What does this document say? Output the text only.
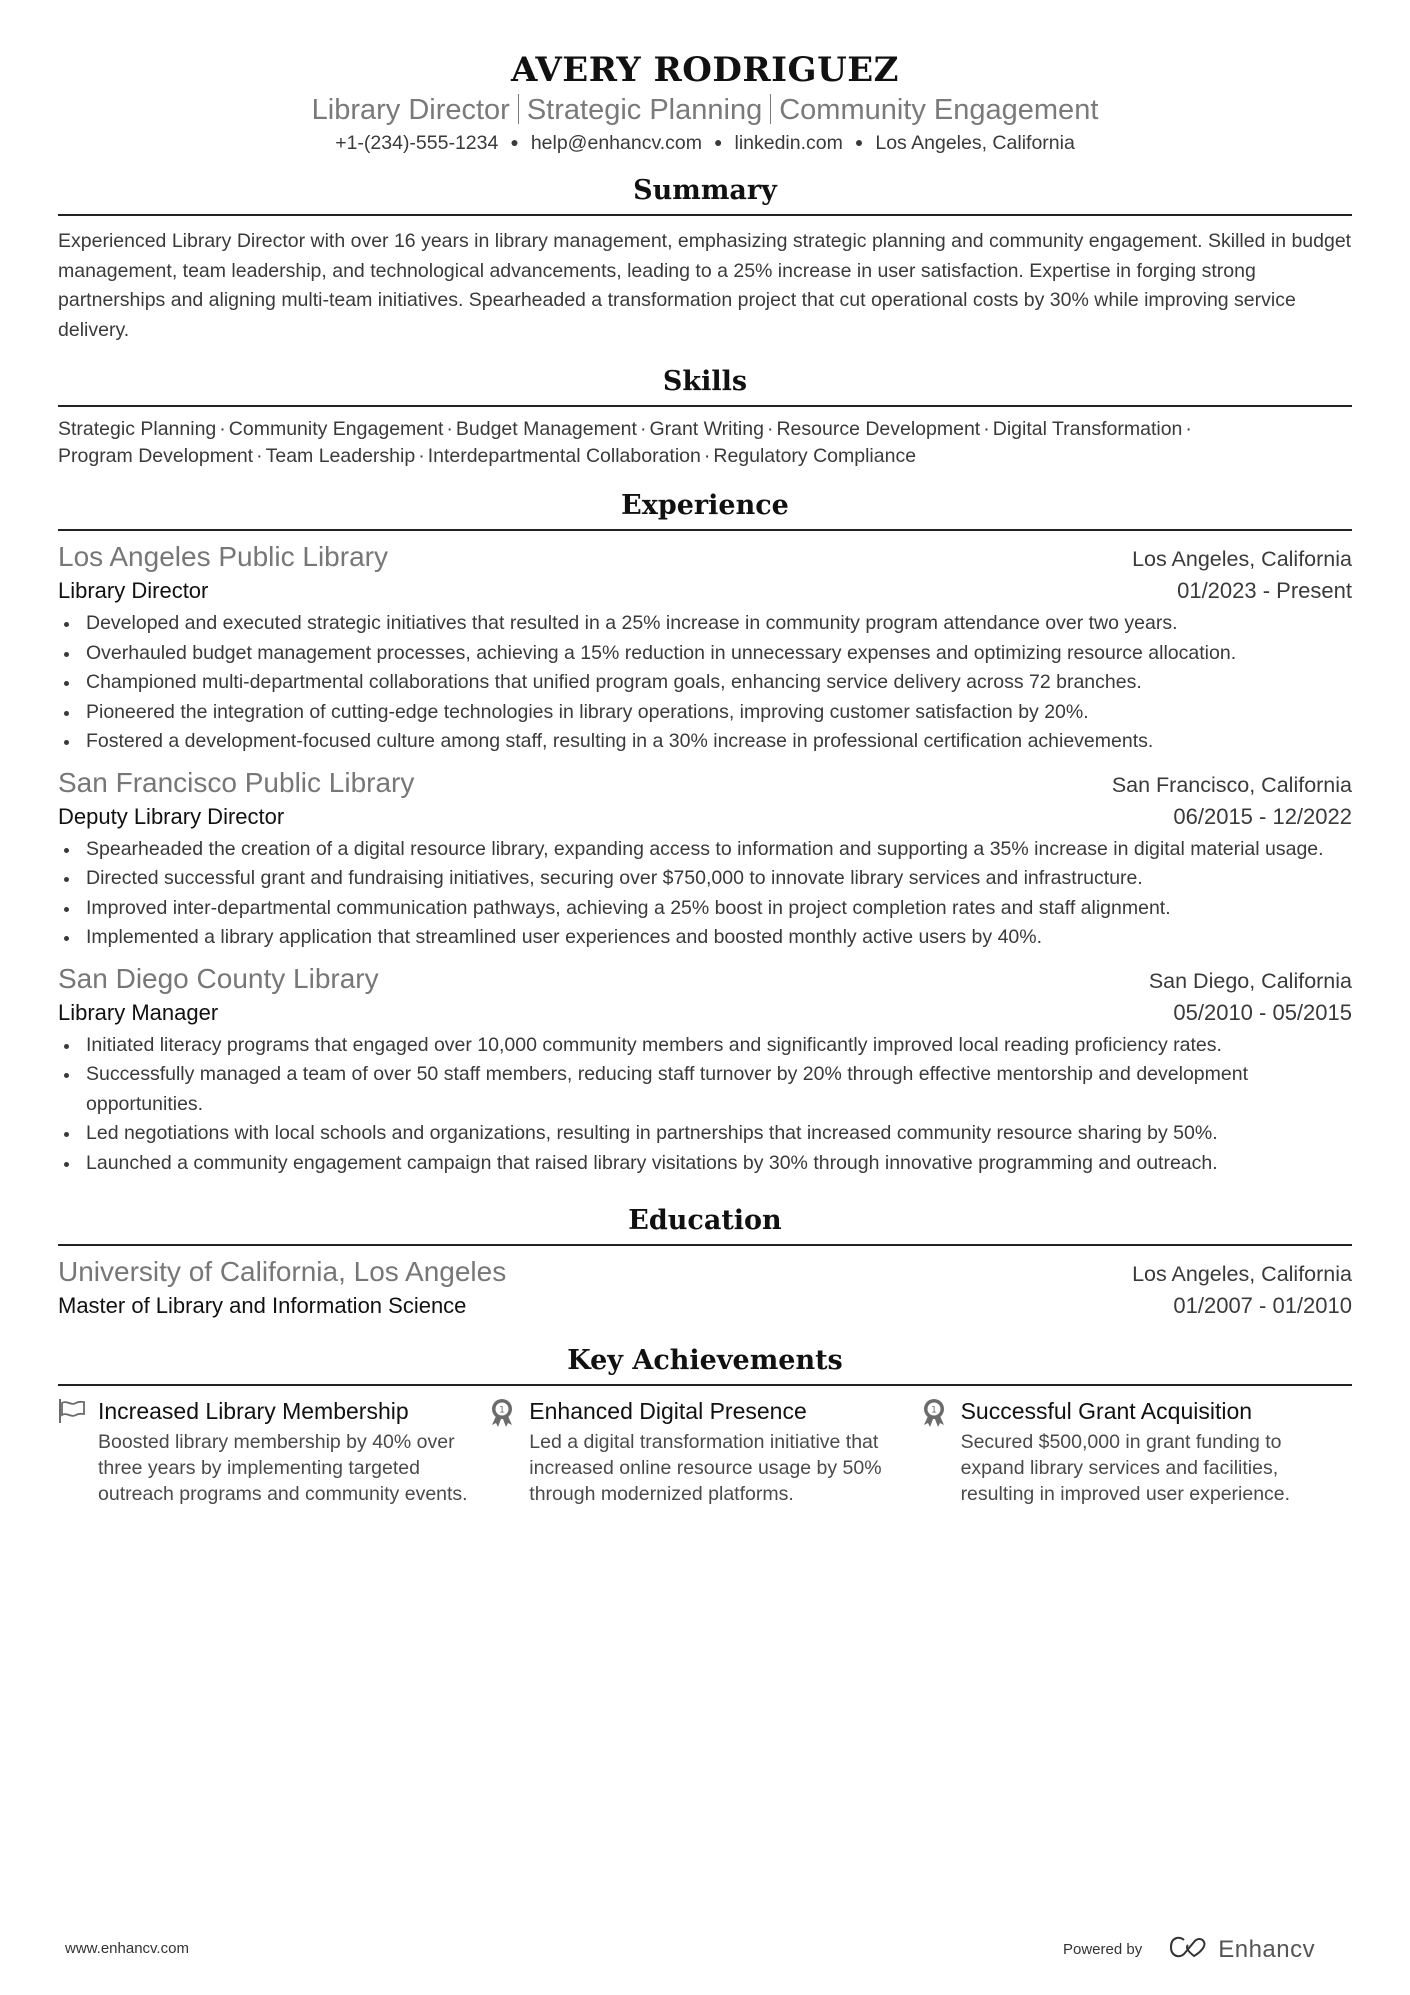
AVERY RODRIGUEZ
Library Director Strategic Planning Community Engagement
+1-(234)-555-1234 ● help@enhancv.com ● linkedin.com ● Los Angeles, California
Summary
Experienced Library Director with over 16 years in library management, emphasizing strategic planning and community engagement. Skilled in budget management, team leadership, and technological advancements, leading to a 25% increase in user satisfaction. Expertise in forging strong partnerships and aligning multi-team initiatives. Spearheaded a transformation project that cut operational costs by 30% while improving service delivery.
Skills
Strategic Planning · Community Engagement · Budget Management · Grant Writing · Resource Development · Digital Transformation ·
Program Development · Team Leadership · Interdepartmental Collaboration · Regulatory Compliance
Experience
Los Angeles Public Library	Los Angeles, California
Library Director	01/2023 - Present
Developed and executed strategic initiatives that resulted in a 25% increase in community program attendance over two years.
Overhauled budget management processes, achieving a 15% reduction in unnecessary expenses and optimizing resource allocation.
Championed multi-departmental collaborations that unified program goals, enhancing service delivery across 72 branches.
Pioneered the integration of cutting-edge technologies in library operations, improving customer satisfaction by 20%.
Fostered a development-focused culture among staff, resulting in a 30% increase in professional certification achievements.
San Francisco Public Library	San Francisco, California
Deputy Library Director	06/2015 - 12/2022
Spearheaded the creation of a digital resource library, expanding access to information and supporting a 35% increase in digital material usage.
Directed successful grant and fundraising initiatives, securing over $750,000 to innovate library services and infrastructure.
Improved inter-departmental communication pathways, achieving a 25% boost in project completion rates and staff alignment.
Implemented a library application that streamlined user experiences and boosted monthly active users by 40%.
San Diego County Library	San Diego, California
Library Manager	05/2010 - 05/2015
Initiated literacy programs that engaged over 10,000 community members and significantly improved local reading proficiency rates.
Successfully managed a team of over 50 staff members, reducing staff turnover by 20% through effective mentorship and development opportunities.
Led negotiations with local schools and organizations, resulting in partnerships that increased community resource sharing by 50%.
Launched a community engagement campaign that raised library visitations by 30% through innovative programming and outreach.
Education
University of California, Los Angeles	Los Angeles, California
Master of Library and Information Science	01/2007 - 01/2010
Key Achievements
Increased Library Membership
Boosted library membership by 40% over three years by implementing targeted outreach programs and community events.
1 Enhanced Digital Presence
Led a digital transformation initiative that increased online resource usage by 50% through modernized platforms.
1 Successful Grant Acquisition
Secured $500,000 in grant funding to expand library services and facilities, resulting in improved user experience.
www.enhancv.com	Powered by	Enhancv
